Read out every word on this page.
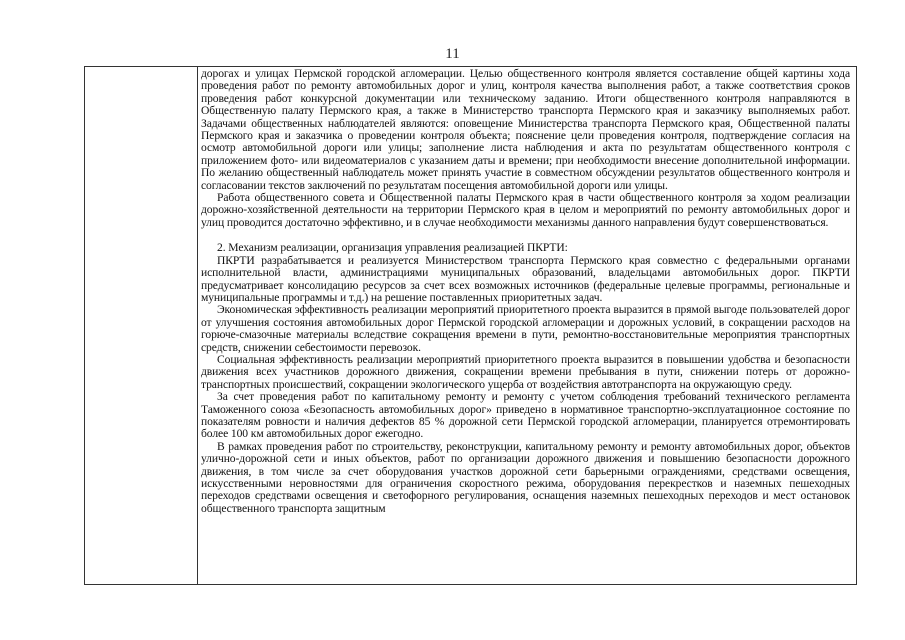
11

дорогах и улицах Пермской городской агломерации. Целью общественного контроля является составление общей картины хода проведения работ по ремонту автомобильных дорог и улиц, контроля качества выполнения работ, а также соответствия сроков проведения работ конкурсной документации или техническому заданию. Итоги общественного контроля направляются в Общественную палату Пермского края, а также в Министерство транспорта Пермского края и заказчику выполняемых работ. Задачами общественных наблюдателей являются: оповещение Министерства транспорта Пермского края, Общественной палаты Пермского края и заказчика о проведении контроля объекта; пояснение цели проведения контроля, подтверждение согласия на осмотр автомобильной дороги или улицы; заполнение листа наблюдения и акта по результатам общественного контроля с приложением фото- или видеоматериалов с указанием даты и времени; при необходимости внесение дополнительной информации. По желанию общественный наблюдатель может принять участие в совместном обсуждении результатов общественного контроля и согласовании текстов заключений по результатам посещения автомобильной дороги или улицы.

Работа общественного совета и Общественной палаты Пермского края в части общественного контроля за ходом реализации дорожно-хозяйственной деятельности на территории Пермского края в целом и мероприятий по ремонту автомобильных дорог и улиц проводится достаточно эффективно, и в случае необходимости механизмы данного направления будут совершенствоваться.

2. Механизм реализации, организация управления реализацией ПКРТИ:

ПКРТИ разрабатывается и реализуется Министерством транспорта Пермского края совместно с федеральными органами исполнительной власти, администрациями муниципальных образований, владельцами автомобильных дорог. ПКРТИ предусматривает консолидацию ресурсов за счет всех возможных источников (федеральные целевые программы, региональные и муниципальные программы и т.д.) на решение поставленных приоритетных задач.

Экономическая эффективность реализации мероприятий приоритетного проекта выразится в прямой выгоде пользователей дорог от улучшения состояния автомобильных дорог Пермской городской агломерации и дорожных условий, в сокращении расходов на горюче-смазочные материалы вследствие сокращения времени в пути, ремонтно-восстановительные мероприятия транспортных средств, снижении себестоимости перевозок.

Социальная эффективность реализации мероприятий приоритетного проекта выразится в повышении удобства и безопасности движения всех участников дорожного движения, сокращении времени пребывания в пути, снижении потерь от дорожно-транспортных происшествий, сокращении экологического ущерба от воздействия автотранспорта на окружающую среду.

За счет проведения работ по капитальному ремонту и ремонту с учетом соблюдения требований технического регламента Таможенного союза «Безопасность автомобильных дорог» приведено в нормативное транспортно-эксплуатационное состояние по показателям ровности и наличия дефектов 85 % дорожной сети Пермской городской агломерации, планируется отремонтировать более 100 км автомобильных дорог ежегодно.

В рамках проведения работ по строительству, реконструкции, капитальному ремонту и ремонту автомобильных дорог, объектов улично-дорожной сети и иных объектов, работ по организации дорожного движения и повышению безопасности дорожного движения, в том числе за счет оборудования участков дорожной сети барьерными ограждениями, средствами освещения, искусственными неровностями для ограничения скоростного режима, оборудования перекрестков и наземных пешеходных переходов средствами освещения и светофорного регулирования, оснащения наземных пешеходных переходов и мест остановок общественного транспорта защитным
